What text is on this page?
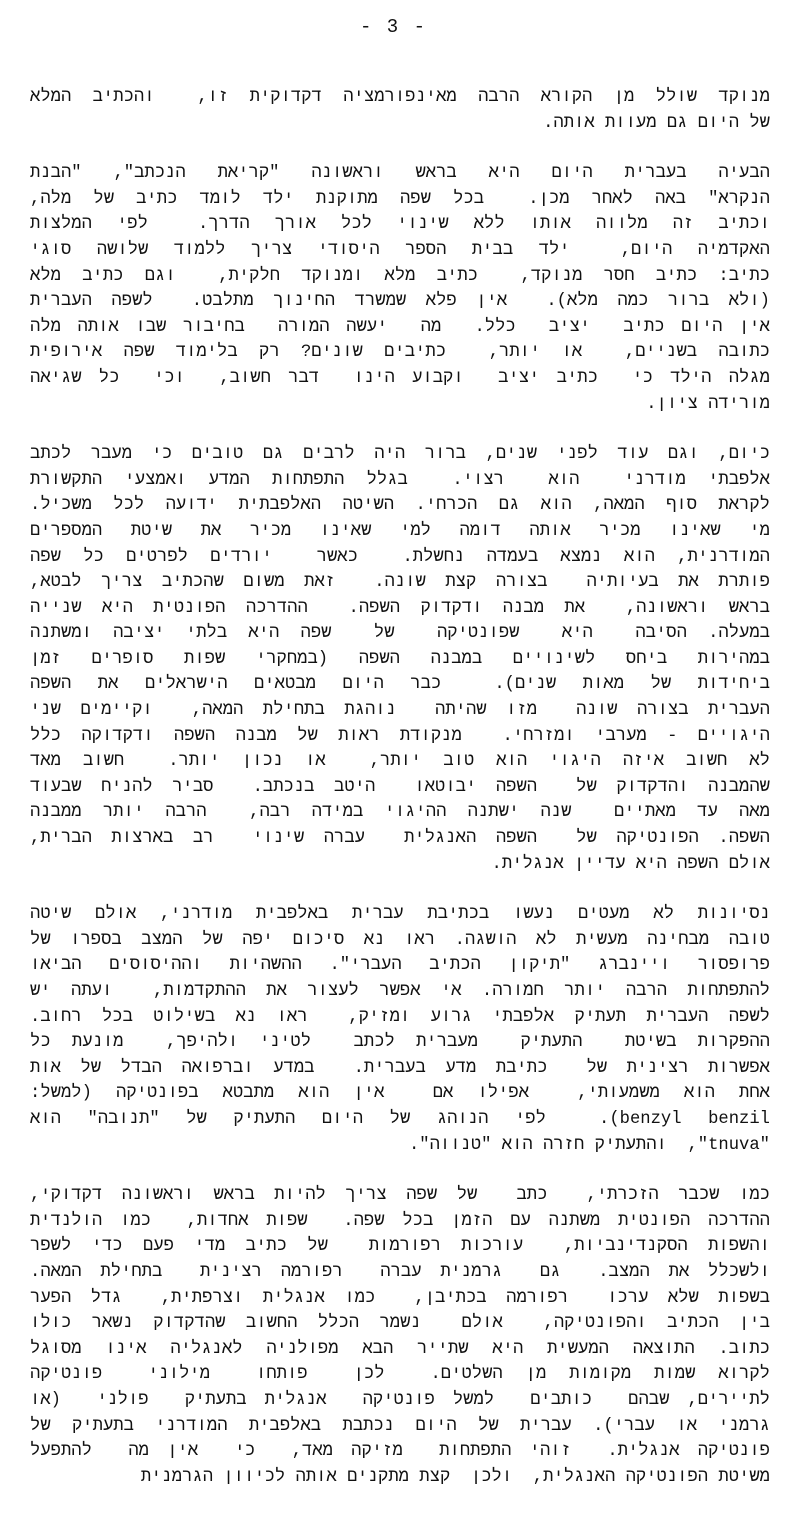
- 3 -
מנוקד שולל מן הקורא הרבה מאינפורמציה דקדוקית זו,  והכתיב המלא
של היום גם מעוות אותה.
הבעיה בעברית היום היא בראש וראשונה "קריאת הנכתב", "הבנת
הנקרא" באה לאחר מכן.  בכל שפה מתוקנת ילד לומד כתיב של מלה,
וכתיב זה מלווה אותו ללא שינוי לכל אורך הדרך.  לפי המלצות
האקדמיה היום,  ילד בבית הספר היסודי צריך ללמוד שלושה סוגי
כתיב: כתיב חסר מנוקד,  כתיב מלא ומנוקד חלקית,  וגם כתיב מלא
(ולא ברור כמה מלא).  אין פלא שמשרד החינוך מתלבט.  לשפה העברית
אין היום כתיב  יציב  כלל.  מה  יעשה המורה  בחיבור שבו אותה מלה
כתובה בשניים,  או יותר,  כתיבים שונים? רק בלימוד שפה אירופית
מגלה הילד כי  כתיב יציב  וקבוע הינו  דבר חשוב,  וכי  כל שגיאה
מורידה ציון.
כיום, וגם עוד לפני שנים, ברור היה לרבים גם טובים כי מעבר לכתב
אלפבתי מודרני  הוא  רצוי.  בגלל התפתחות המדע ואמצעי התקשורת
לקראת סוף המאה, הוא גם הכרחי. השיטה האלפבתית ידועה לכל משכיל.
מי שאינו מכיר אותה דומה למי שאינו מכיר את שיטת המספרים
המודרנית, הוא נמצא בעמדה נחשלת.  כאשר  יורדים לפרטים כל שפה
פותרת את בעיותיה  בצורה קצת שונה.  זאת משום שהכתיב צריך לבטא,
בראש וראשונה,  את מבנה ודקדוק השפה.  ההדרכה הפונטית היא שנייה
במעלה. הסיבה  היא  שפונטיקה  של  שפה היא בלתי יציבה ומשתנה
במהירות ביחס לשינויים במבנה השפה (במחקרי שפות סופרים זמן
ביחידות של מאות שנים).  כבר היום מבטאים הישראלים את השפה
העברית בצורה שונה  מזו שהיתה  נוהגת בתחילת המאה,  וקיימים שני
היגויים - מערבי ומזרחי.  מנקודת ראות של מבנה השפה ודקדוקה כלל
לא חשוב איזה היגוי הוא טוב יותר,  או נכון יותר.  חשוב מאד
שהמבנה והדקדוק של  השפה יבוטאו  היטב בנכתב.  סביר להניח שבעוד
מאה עד מאתיים  שנה ישתנה ההיגוי במידה רבה,  הרבה יותר ממבנה
השפה. הפונטיקה של  השפה האנגלית  עברה שינוי  רב בארצות הברית,
אולם השפה היא עדיין אנגלית.
נסיונות לא מעטים נעשו בכתיבת עברית באלפבית מודרני, אולם שיטה
טובה מבחינה מעשית לא הושגה. ראו נא סיכום יפה של המצב בספרו של
פרופסור ויינברג "תיקון הכתיב העברי". ההשהיות וההיסוסים הביאו
להתפתחות הרבה יותר חמורה. אי אפשר לעצור את ההתקדמות,  ועתה יש
לשפה העברית תעתיק אלפבתי גרוע ומזיק,  ראו נא בשילוט בכל רחוב.
ההפקרות בשיטת  התעתיק  מעברית לכתב  לטיני ולהיפך,  מונעת כל
אפשרות רצינית של  כתיבת מדע בעברית.  במדע וברפואה הבדל של אות
אחת הוא משמעותי,  אפילו אם  אין הוא מתבטא בפונטיקה (למשל:
benzyl benzil).  לפי הנוהג של היום התעתיק של "תנובה" הוא
"tnuva",  והתעתיק חזרה הוא "טנווה".
כמו שכבר הזכרתי,  כתב  של שפה צריך להיות בראש וראשונה דקדוקי,
ההדרכה הפונטית משתנה עם הזמן בכל שפה.  שפות אחדות,  כמו הולנדית
והשפות הסקנדינביות,  עורכות רפורמות  של כתיב מדי פעם כדי לשפר
ולשכלל את המצב.  גם  גרמנית עברה  רפורמה רצינית  בתחילת המאה.
בשפות שלא ערכו  רפורמה בכתיבן,  כמו אנגלית וצרפתית,  גדל הפער
בין הכתיב והפונטיקה,  אולם  נשמר הכלל החשוב שהדקדוק נשאר כולו
כתוב. התוצאה המעשית היא שתייר הבא מפולניה לאנגליה אינו מסוגל
לקרוא שמות מקומות מן השלטים.  לכן  פותחו  מילוני  פונטיקה
לתיירים, שבהם  כותבים  למשל פונטיקה  אנגלית בתעתיק  פולני  (או
גרמני או עברי). עברית של היום נכתבת באלפבית המודרני בתעתיק של
פונטיקה אנגלית.  זוהי התפתחות  מזיקה מאד,  כי  אין מה  להתפעל
משיטת הפונטיקה האנגלית,  ולכן  קצת מתקנים אותה לכיוון הגרמנית
